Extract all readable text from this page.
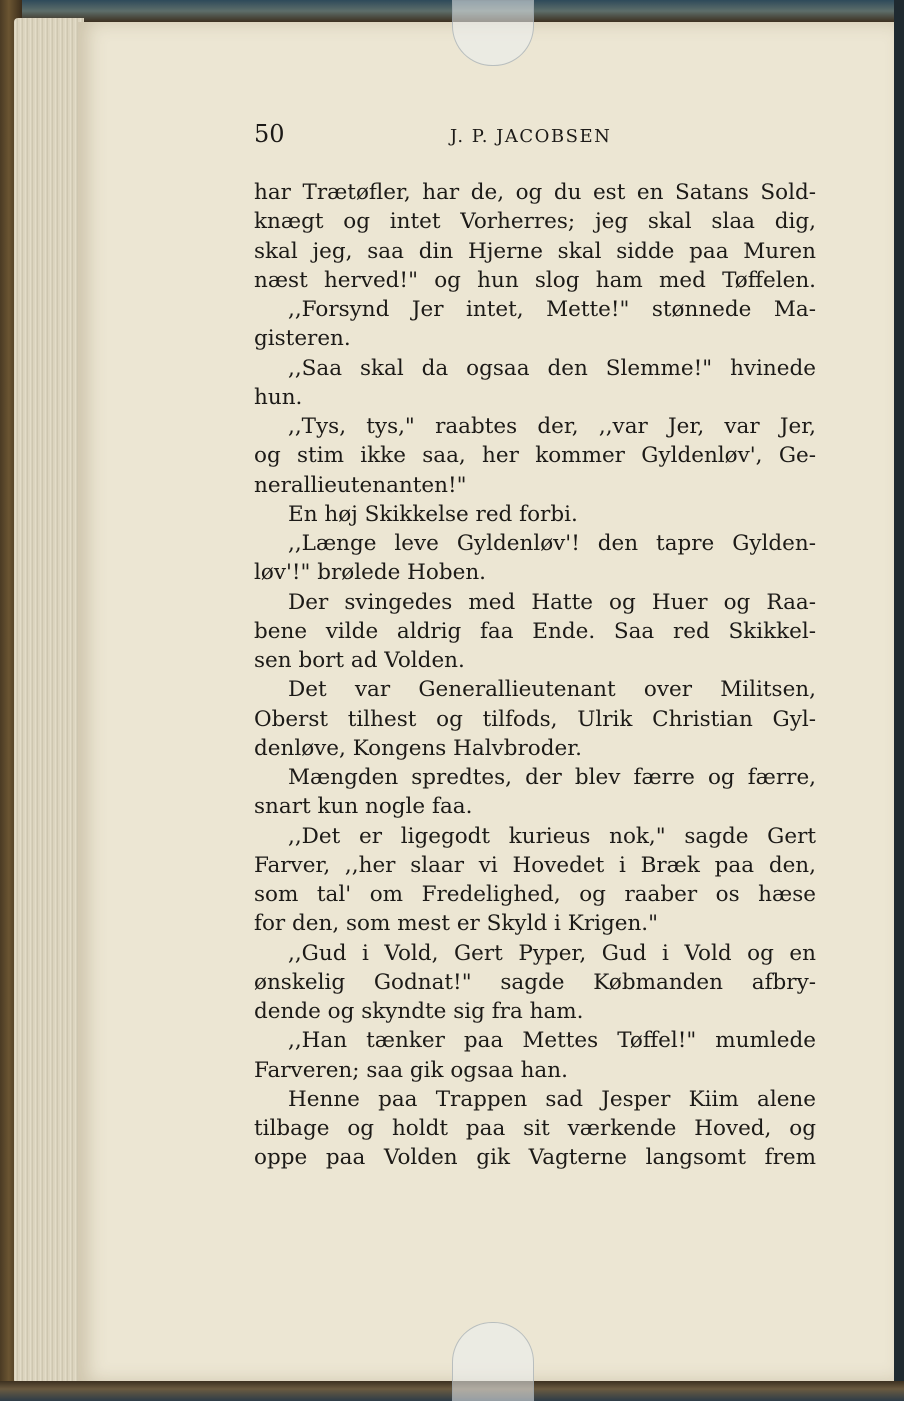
50	J. P. JACOBSEN
har Trætøfler, har de, og du est en Satans Sold-
knægt og intet Vorherres; jeg skal slaa dig,
skal jeg, saa din Hjerne skal sidde paa Muren
næst herved!" og hun slog ham med Tøffelen.
,,Forsynd Jer intet, Mette!" stønnede Ma-
gisteren.
,,Saa skal da ogsaa den Slemme!" hvinede
hun.
,,Tys, tys," raabtes der, ,,var Jer, var Jer,
og stim ikke saa, her kommer Gyldenløv', Ge-
nerallieutenanten!"
En høj Skikkelse red forbi.
,,Længe leve Gyldenløv'! den tapre Gylden-
løv'!" brølede Hoben.
Der svingedes med Hatte og Huer og Raa-
bene vilde aldrig faa Ende. Saa red Skikkel-
sen bort ad Volden.
Det var Generallieutenant over Militsen,
Oberst tilhest og tilfods, Ulrik Christian Gyl-
denløve, Kongens Halvbroder.
Mængden spredtes, der blev færre og færre,
snart kun nogle faa.
,,Det er ligegodt kurieus nok," sagde Gert
Farver, ,,her slaar vi Hovedet i Bræk paa den,
som tal' om Fredelighed, og raaber os hæse
for den, som mest er Skyld i Krigen."
,,Gud i Vold, Gert Pyper, Gud i Vold og en
ønskelig Godnat!" sagde Købmanden afbry-
dende og skyndte sig fra ham.
,,Han tænker paa Mettes Tøffel!" mumlede
Farveren; saa gik ogsaa han.
Henne paa Trappen sad Jesper Kiim alene
tilbage og holdt paa sit værkende Hoved, og
oppe paa Volden gik Vagterne langsomt frem
